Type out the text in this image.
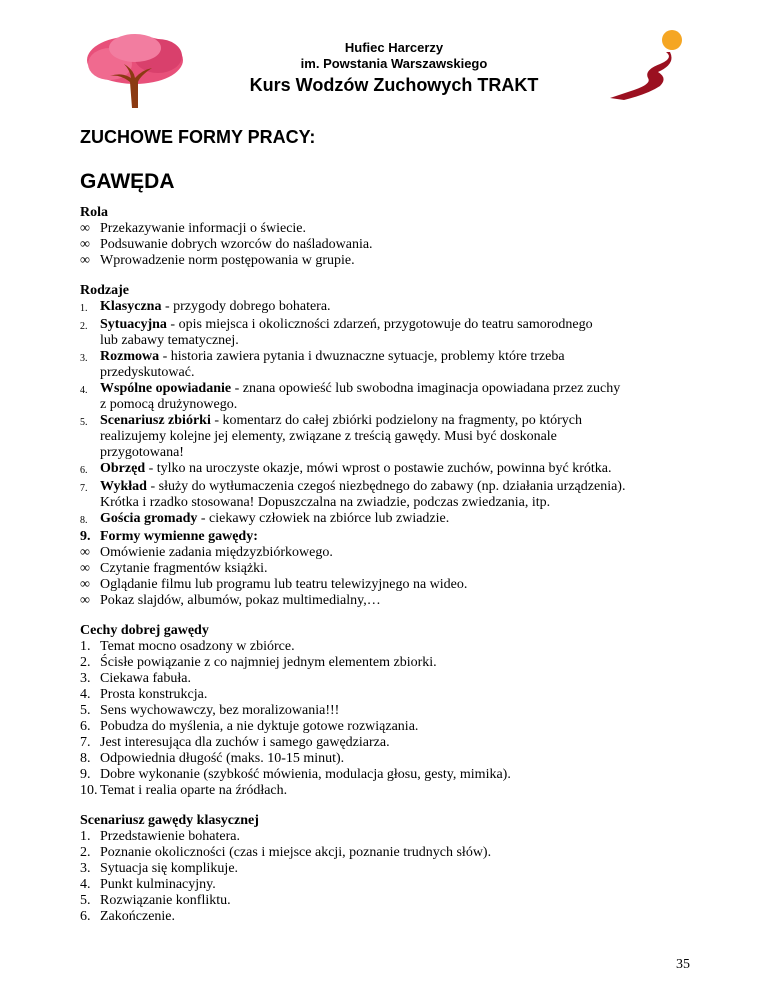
Hufiec Harcerzy
im. Powstania Warszawskiego
Kurs Wodzów Zuchowych TRAKT
ZUCHOWE FORMY PRACY:
GAWĘDA
Rola
∞ Przekazywanie informacji o świecie.
∞ Podsuwanie dobrych wzorców do naśladowania.
∞ Wprowadzenie norm postępowania w grupie.
Rodzaje
1. Klasyczna - przygody dobrego bohatera.
2. Sytuacyjna - opis miejsca i okoliczności zdarzeń, przygotowuje do teatru samorodnego
lub zabawy tematycznej.
3. Rozmowa - historia zawiera pytania i dwuznaczne sytuacje, problemy które trzeba
przedyskutować.
4. Wspólne opowiadanie - znana opowieść lub swobodna imaginacja opowiadana przez zuchy
z pomocą drużynowego.
5. Scenariusz zbiórki - komentarz do całej zbiórki podzielony na fragmenty, po których
realizujemy kolejne jej elementy, związane z treścią gawędy. Musi być doskonale
przygotowana!
6. Obrzęd - tylko na uroczyste okazje, mówi wprost o postawie zuchów, powinna być krótka.
7. Wykład - służy do wytłumaczenia czegoś niezbędnego do zabawy (np. działania urządzenia).
Krótka i rzadko stosowana! Dopuszczalna na zwiadzie, podczas zwiedzania, itp.
8. Gościa gromady - ciekawy człowiek na zbiórce lub zwiadzie.
9. Formy wymienne gawędy:
∞ Omówienie zadania międzyzbiórkowego.
∞ Czytanie fragmentów książki.
∞ Oglądanie filmu lub programu lub teatru telewizyjnego na wideo.
∞ Pokaz slajdów, albumów, pokaz multimedialny,…
Cechy dobrej gawędy
1. Temat mocno osadzony w zbiórce.
2. Ścisłe powiązanie z co najmniej jednym elementem zbiorki.
3. Ciekawa fabuła.
4. Prosta konstrukcja.
5. Sens wychowawczy, bez moralizowania!!!
6. Pobudza do myślenia, a nie dyktuje gotowe rozwiązania.
7. Jest interesująca dla zuchów i samego gawędziarza.
8. Odpowiednia długość (maks. 10-15 minut).
9. Dobre wykonanie (szybkość mówienia, modulacja głosu, gesty, mimika).
10. Temat i realia oparte na źródłach.
Scenariusz gawędy klasycznej
1. Przedstawienie bohatera.
2. Poznanie okoliczności (czas i miejsce akcji, poznanie trudnych słów).
3. Sytuacja się komplikuje.
4. Punkt kulminacyjny.
5. Rozwiązanie konfliktu.
6. Zakończenie.
35
